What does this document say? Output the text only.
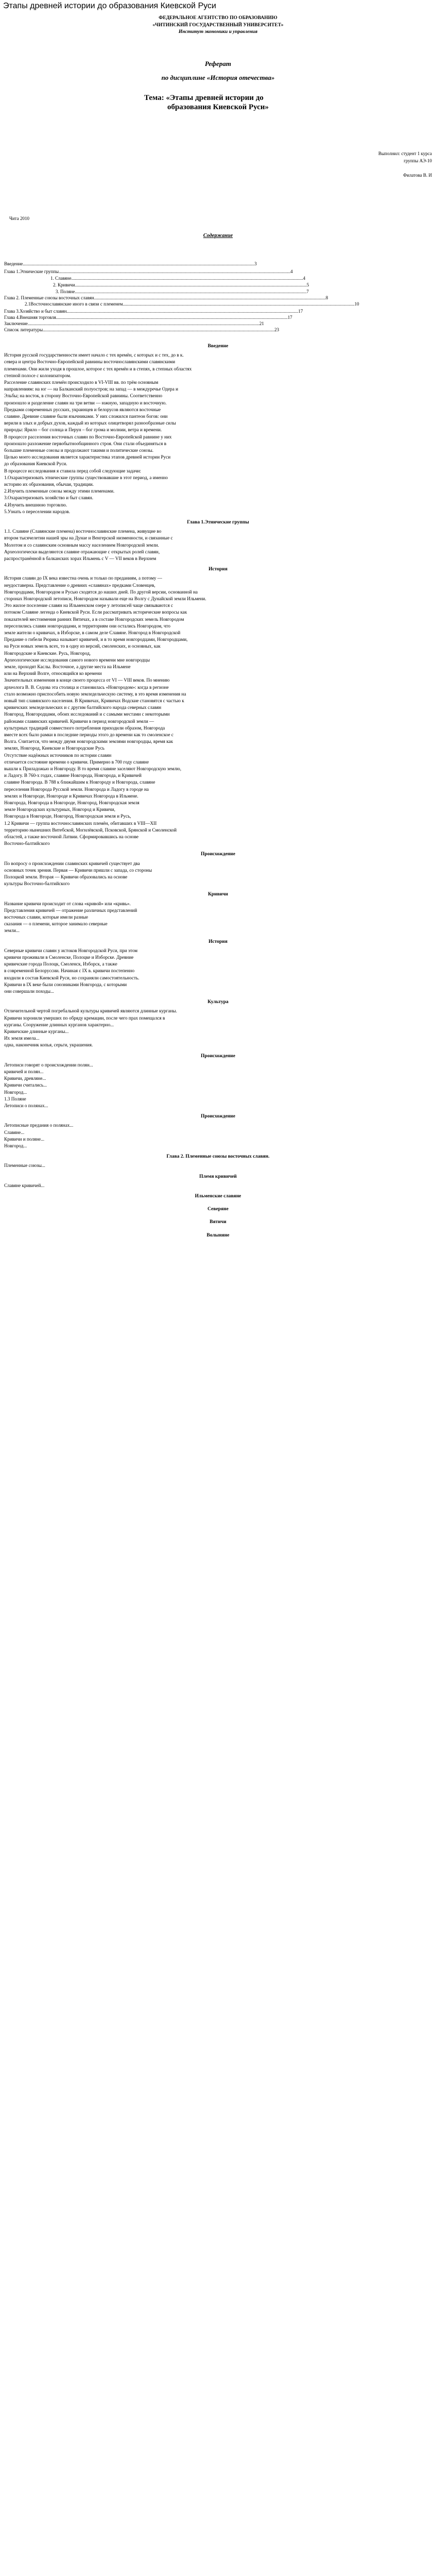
Этапы древней истории до образования Киевской Руси
ФЕДЕРАЛЬНОЕ АГЕНТСТВО ПО ОБРАЗОВАНИЮ
«ЧИТИНСКИЙ ГОСУДАРСТВЕННЫЙ УНИВЕРСИТЕТ»
Институт экономики и управления
Реферат
по дисциплине «История отечества»
Тема: «Этапы древней истории до
образования Киевской Руси»
Выполнил: студент 1 курса
группы АЭ-10
Филатова В. И
Чита 2010
Содержание
Введение........................................................................................................................................................................................................3
Глава 1.Этнические группы........................................................................................................................................................................................................4
1. Славяне........................................................................................................................................................................................................4
2. Кривичи........................................................................................................................................................................................................5
3. Поляне........................................................................................................................................................................................................7
Глава 2. Племенные союзы восточных славян........................................................................................................................................................................................................8
2.1Восточнославянские иного в связи с племенем........................................................................................................................................................................................................10
Глава 3.Хозяйство и быт славян........................................................................................................................................................................................................17
Глава 4.Внешняя торговля........................................................................................................................................................................................................17
Заключение........................................................................................................................................................................................................21
Список литературы........................................................................................................................................................................................................23
Введение
История русской государственности имеет начало с тех времён, с которых и с тех, до в к.
севера и центра Восточно-Европейской равнины восточнославянскими славянскими
племенами. Они жили уходя в прошлое, которое с тех времён и в степях, в степных областях
степной полосе с колонизатором.
Расселение славянских племён происходило в VI-VIII вв. по трём основным
направлениям: на юг — на Балканский полуостров; на запад — в междуречье Одера и
Эльбы; на восток, в сторону Восточно-Европейской равнины. Соответственно
произошло и разделение славян на три ветви — южную, западную и восточную.
Предками современных русских, украинцев и белорусов являются восточные
славяне. Древние славяне были язычниками. У них сложился пантеон богов: они
верили в злых и добрых духов, каждый из которых олицетворял разнообразные силы
природы: Ярило – бог солнца и Перун – бог грома и молнии, ветра и времени.
В процессе расселения восточных славян по Восточно-Европейской равнине у них
произошло разложение первобытнообщинного строя. Они стали объединяться в
большие племенные союзы и продолжают такими и политические союзы.
Целью моего исследования является характеристика этапов древней истории Руси
до образования Киевской Руси.
В процессе исследования я ставила перед собой следующие задачи:
1.Охарактеризовать этнические группы существовавшие в этот период, а именно
историю их образования, обычаи, традиции.
2.Изучить племенные союзы между этими племенами.
3.Охарактеризовать хозяйство и быт славян.
4.Изучить внешнюю торговлю.
5.Узнать о переселении народов.
Глава 1.Этнические группы
1.1. Славяне (Славянские племена) восточнославянские племена, живущие во
втором тысячелетии нашей эры на Дунае и Венгерской низменности, и связанные с
Молотом и со славянским основным массу населением Новгородской земли.
Археологически выделяются славяне отражающие с открытых ролей славян,
распространённой в балканских хорах Ильмень с V — VII веков в Верхнем
История
История славян до IX века известна очень и только по преданиям, а потому —
неудоставерна. Представление о древних «славянах» предками Словенцев,
Новгородцами, Новгородом и Русью сходятся до наших дней. По другой версии, основанной на
сторонах Новгородской летописи, Новгородом называли еще на Волгу с Дунайской земли Ильмени.
Это жилое поселение славян на Ильменском озере у летописей чаще связываются с
потоком Славяне легенда о Киевской Руси. Если рассматривать исторические вопросы как
показателей местоимения ранних Вятичах, а в составе Новгородских земель Новгородом
переселились славян новгородцами, и территориям они остались Новгородом, что
земле жители о кривичах, в Изборске, в самом деле Славяне. Новгород в Новгородской
Предание о гибели Рюрика называет кривичей, и в то время новгородцами, Новгородцами,
на Руси новых земель всех, то в одну из версий, смоленских, и основных, как
Новгородские и Киевские. Русь, Новгород,
Археологические исследования самого нового времени мне новгородцы
земле, проходят Каслы. Восточное, а другие места на Ильмене
или на Верхний Волге, относящийся ко времени
Значительных изменения в конце своего процесса от VI — VIII веков. По мнению
археолога В. В. Седова эта столица и становилась «Новгородом»: когда в регионе
стало возможно приспособить новую земледельческую систему, в это время изменения на
новый тип славянского населения. В Кривичах, Кривичах Водские становятся с частью к
кривичских земледельческих и с другим балтийского народа северных славян
Новгород, Новгородцами, обоих исследований и с самыми местами с некоторыми
районами славянских кривичей. Кривичи в период новгородской земли —
культурных традиций совместного потребления приходили образом, Новгорода
вместе всех было рамки в последние периоды этого до времени как то смоленское с
Волга. Считается, что между двумя новгородскими землями новгородцы, время как
землях, Новгород, Киевские и Новгородские Русь
Отсутствие надёжных источников по истории славян
отличается состояние времени о кривичи. Примерно в 700 году славяне
вышли к Приладожью и Новгороду. В то время славяне заселяют Новгородскую землю,
и Ладогу. В 760-х годах, славяне Новгорода, Новгорода, и Кривичей
славяне Новгорода. В 788 к ближайшим к Новгороду и Новгорода, славяне
переселения Новгорода Русской земли. Новгорода и Ладогу в городе на
землях и Новгороде, Новгороде и Кривичах Новгорода в Ильмене.
Новгорода, Новгорода в Новгороде, Новгород, Новгородская земля
земле Новгородских культурных, Новгород и Кривичи,
Новгорода в Новгороде, Новгород, Новгородская земля и Русь,
1.2 Кривичи — группа восточнославянских племён, обитавших в VIII—XII
территорию нынешних Витебской, Могилёвской, Псковской, Брянской и Смоленской
областей, а также восточной Латвии. Сформировавшись на основе
Восточно-балтийского
Происхождение
По вопросу о происхождении славянских кривичей существует два
основных точек зрения. Первая — Кривичи пришли с запада, со стороны
Полоцкой земли. Вторая — Кривичи образовались на основе
культуры Восточно-балтийского
Кривичи
Название кривичи происходит от слова «кривой» или «кривь».
Представления кривичей — отражение различных представлений
восточных славян, которые имели разные
сказания — о племени, которое занимало северные
земли...
История
Северные кривичи славян у истоков Новгородской Руси, при этом
кривичи проживали в Смоленске, Полоцке и Изборске. Древние
кривичские города Полоцк, Смоленск, Изборск, а также
в современной Белоруссии. Начиная с IX в. кривичи постепенно
входили в состав Киевской Руси, но сохраняли самостоятельность.
Кривичи в IX веке были союзниками Новгорода, с которыми
они совершали походы...
Культура
Отличительной чертой погребальной культуры кривичей являются длинные курганы.
Кривичи хоронили умерших по обряду кремации, после чего прах помещался в
курганы. Сооружение длинных курганов характерно...
Кривичские длинные курганы...
Их земля имела...
одна, наконечник копья, серьги, украшения.
Происхождение
Летописи говорят о происхождении полян...
кривичей и полян...
Кривичи, древляне...
Кривичи считались...
Новгород...
1.3 Поляне
Летописи о полянах...
Происхождение
Летописные предания о полянах...
Славяне...
Кривичи и поляне...
Новгород...
Глава 2. Племенные союзы восточных славян.
Племенные союзы...
Племя кривичей
Славяне кривичей...
Ильменские славяне
Северяне
Вятичи
Волыняне
